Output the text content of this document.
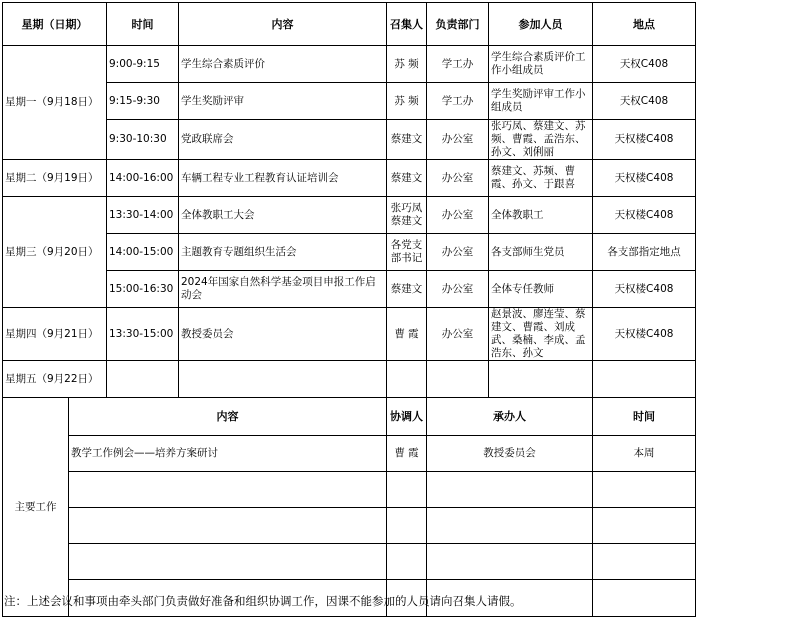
星期（日期）		时间	内容	召集人	负责部门	参加人员	地点
星期一（9月18日）		9:00-9:15	学生综合素质评价	苏 频	学工办	学生综合素质评价工作小组成员	天权C408
		9:15-9:30	学生奖励评审	苏 频	学工办	学生奖励评审工作小组成员	天权C408
		9:30-10:30	党政联席会	蔡建文	办公室	张巧凤、蔡建文、苏频、曹霞、孟浩东、孙文、刘俐丽	天权楼C408
星期二（9月19日）		14:00-16:00	车辆工程专业工程教育认证培训会	蔡建文	办公室	蔡建文、苏频、曹霞、孙文、于跟喜	天权楼C408
星期三（9月20日）		13:30-14:00	全体教职工大会	张巧凤 蔡建文	办公室	全体教职工	天权楼C408
		14:00-15:00	主题教育专题组织生活会	各党支部书记	办公室	各支部师生党员	各支部指定地点
		15:00-16:30	2024年国家自然科学基金项目申报工作启动会	蔡建文	办公室	全体专任教师	天权楼C408
星期四（9月21日）		13:30-15:00	教授委员会	曹 霞	办公室	赵景波、廖连莹、蔡建文、曹霞、刘成武、桑楠、李成、孟浩东、孙文	天权楼C408
星期五（9月22日）							
主要工作	内容			协调人	承办人		时间
	教学工作例会——培养方案研讨			曹 霞	教授委员会		本周

注：上述会议和事项由牵头部门负责做好准备和组织协调工作，因课不能参加的人员请向召集人请假。
